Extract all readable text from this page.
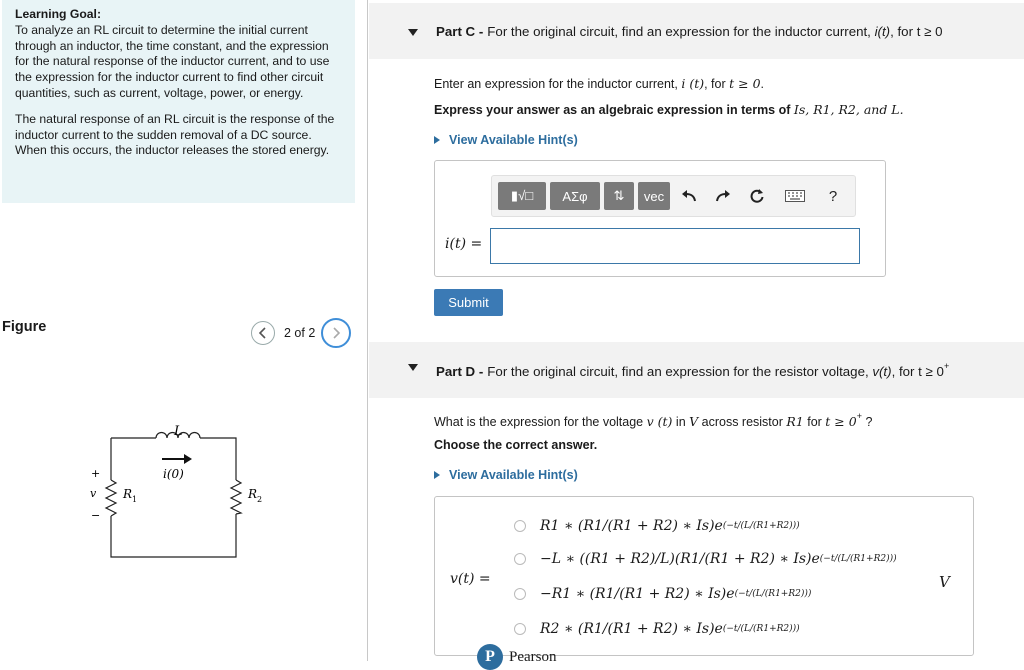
Learning Goal:

To analyze an RL circuit to determine the initial current through an inductor, the time constant, and the expression for the natural response of the inductor current, and to use the expression for the inductor current to find other circuit quantities, such as current, voltage, power, or energy.

The natural response of an RL circuit is the response of the inductor current to the sudden removal of a DC source. When this occurs, the inductor releases the stored energy.

Figure	2 of 2
L
i(0)
+
v
−
R 1	R 2
Part C - For the original circuit, find an expression for the inductor current, i(t), for t ≥ 0
Enter an expression for the inductor current, i (t), for t ≥ 0.
Express your answer as an algebraic expression in terms of Is, R1, R2, and L.
View Available Hint(s)
▮√□ ΑΣφ ⇅ vec	?
i(t) =
Submit
Part D - For the original circuit, find an expression for the resistor voltage, v(t), for t ≥ 0+
What is the expression for the voltage v (t) in V across resistor R1 for t ≥ 0+ ?
Choose the correct answer.
View Available Hint(s)
v(t) =	V
R1 ∗ (R1/(R1 + R2) ∗ Is)e (−t/(L/(R1+R2)))
−L ∗ ((R1 + R2)/L)(R1/(R1 + R2) ∗ Is)e (−t/(L/(R1+R2)))
−R1 ∗ (R1/(R1 + R2) ∗ Is)e (−t/(L/(R1+R2)))
R2 ∗ (R1/(R1 + R2) ∗ Is)e (−t/(L/(R1+R2)))
P Pearson
